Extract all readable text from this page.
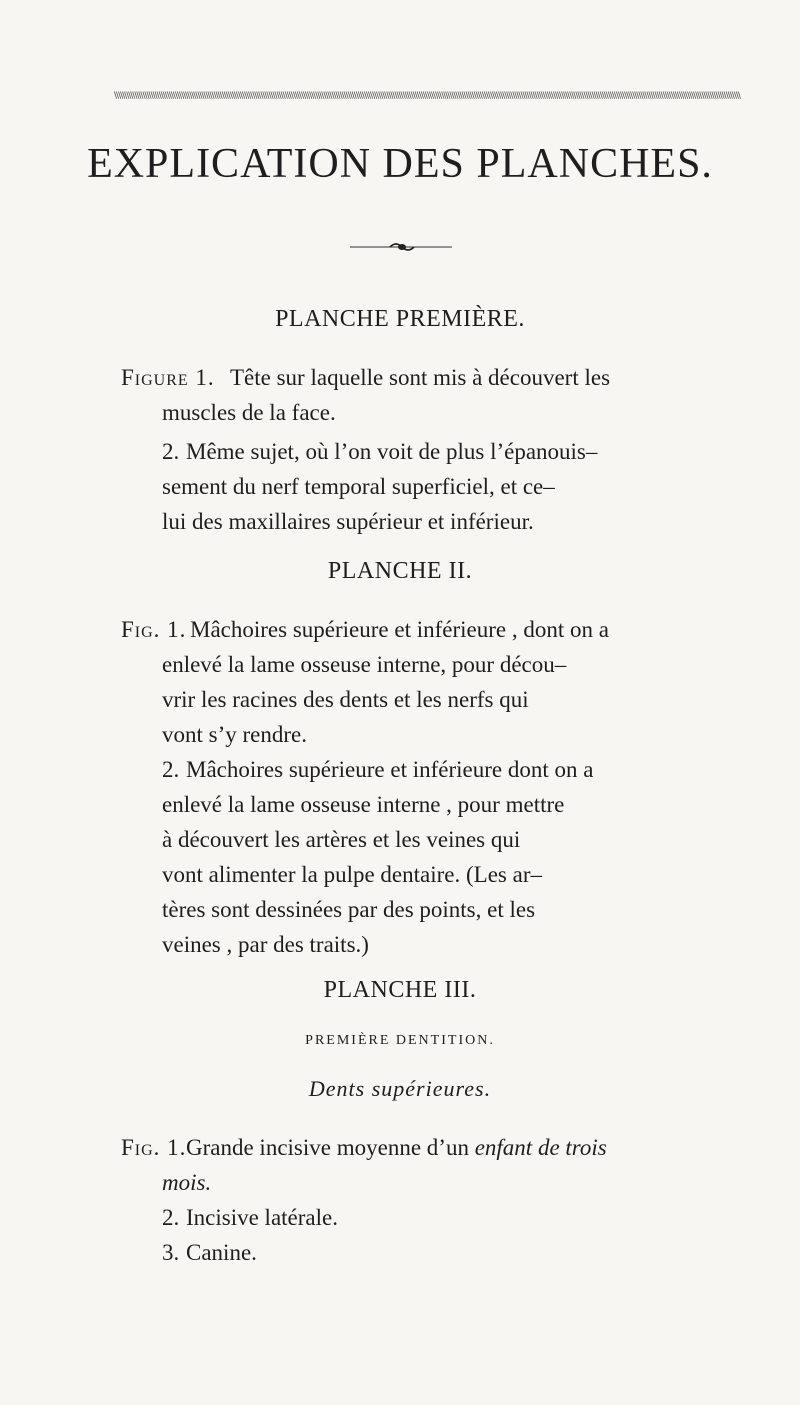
\\\\\\\\\\\\\\\\\\\\\\\\\\\\\\\\\\\\\\\\\\\\\\\\\\\\\\\\\\\\\\\\\\\\\\\\\\\\\\\\\\\\\\\\\\\\\\\\\\\\\\\\\\\\\\\\\\\\\\\\\\\\\\\\\\\\\\\\\\\\\\\\\\\\\\\\\\\\\\\\\\\\\\\\\\\\\\\\\\\\\\\\\\\\\\\\\\\\\\\\\\\\\\\\\\\\\\\\\\\\\\\\\\\\\\\\\\\\\\\\\\\\\\\\\\\\\\\\\\\\\\\\\\\\\\\\\\\\\\\\\\\\\\\\\\\\\\\\\\\\\\\\\\\\
EXPLICATION DES PLANCHES.
PLANCHE PREMIÈRE.
Figure 1. Tête sur laquelle sont mis à découvert les
muscles de la face.
2. Même sujet, où l’on voit de plus l’épanouis–
sement du nerf temporal superficiel, et ce–
lui des maxillaires supérieur et inférieur.
PLANCHE II.
Fig. 1. Mâchoires supérieure et inférieure , dont on a
enlevé la lame osseuse interne, pour décou–
vrir les racines des dents et les nerfs qui
vont s’y rendre.
2. Mâchoires supérieure et inférieure dont on a
enlevé la lame osseuse interne , pour mettre
à découvert les artères et les veines qui
vont alimenter la pulpe dentaire. (Les ar–
tères sont dessinées par des points, et les
veines , par des traits.)
PLANCHE III.
PREMIÈRE DENTITION.
Dents supérieures.
Fig. 1. Grande incisive moyenne d’un enfant de trois
mois.
2. Incisive latérale.
3. Canine.
